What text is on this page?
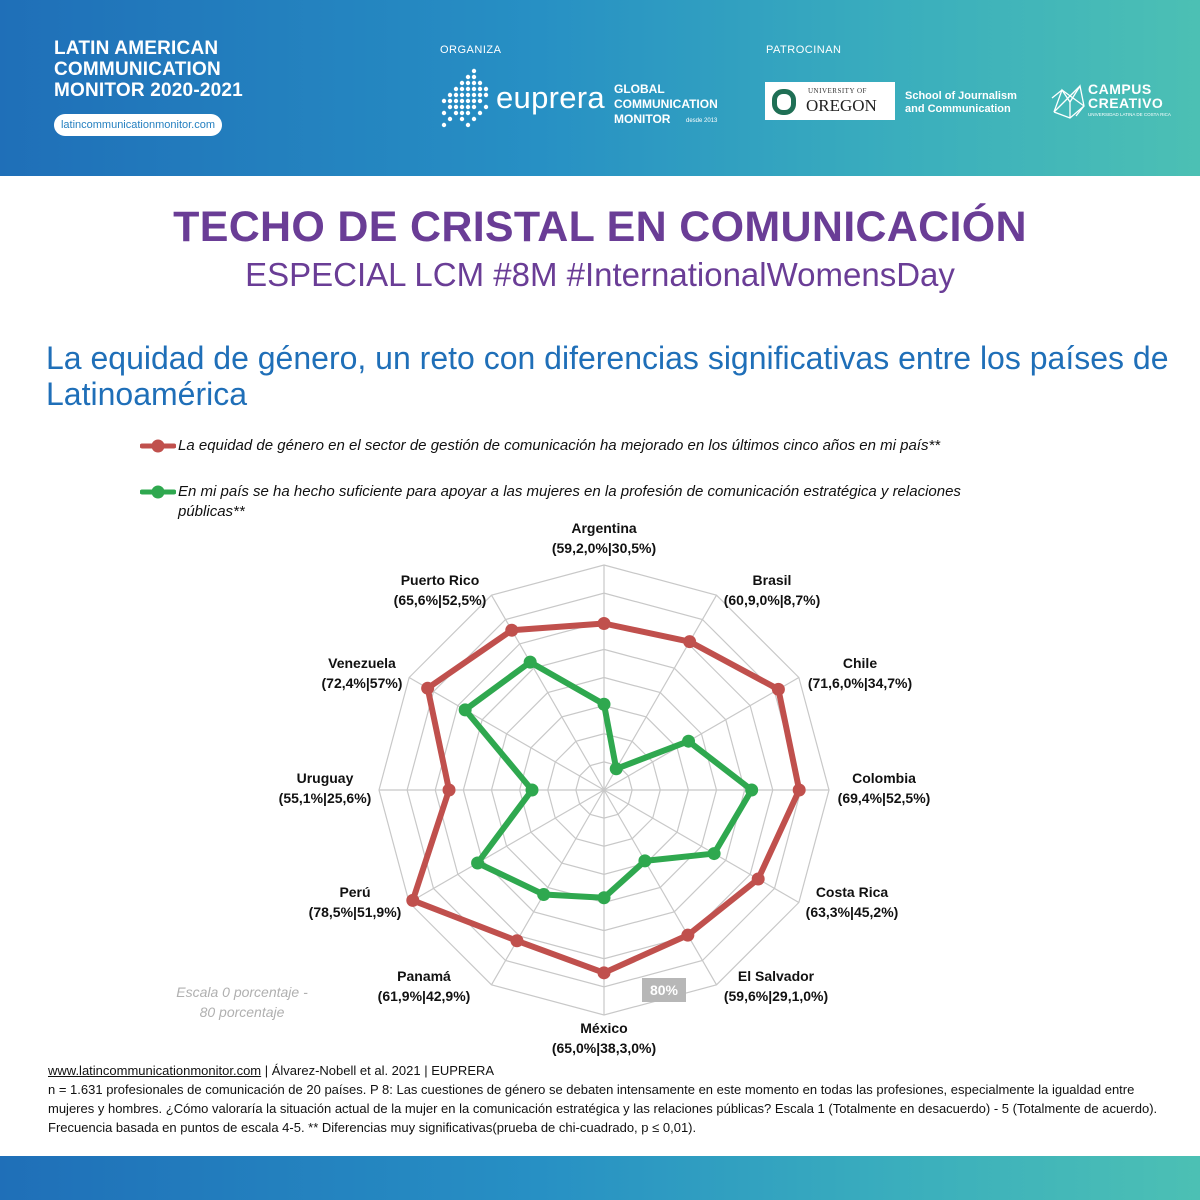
LATIN AMERICAN
COMMUNICATION
MONITOR 2020-2021
latincommunicationmonitor.com
ORGANIZA
euprera GLOBAL
COMMUNICATION
MONITOR	desde 2013
PATROCINAN
UNIVERSITY OF
OREGON	School of Journalism
and Communication
CAMPUS
CREATIVO
UNIVERSIDAD LATINA DE COSTA RICA
TECHO DE CRISTAL EN COMUNICACIÓN
ESPECIAL LCM #8M #InternationalWomensDay
La equidad de género, un reto con diferencias significativas entre los países de Latinoamérica
La equidad de género en el sector de gestión de comunicación ha mejorado en los últimos cinco años en mi país**
En mi país se ha hecho suficiente para apoyar a las mujeres en la profesión de comunicación estratégica y relaciones públicas**
Argentina
(59,2,0%|30,5%)
Brasil
(60,9,0%|8,7%)
Chile
(71,6,0%|34,7%)
Colombia
(69,4%|52,5%)
Costa Rica
(63,3%|45,2%)
El Salvador
(59,6%|29,1,0%)
México
(65,0%|38,3,0%)
Panamá
(61,9%|42,9%)
Perú
(78,5%|51,9%)
Uruguay
(55,1%|25,6%)
Venezuela
(72,4%|57%)
Puerto Rico
(65,6%|52,5%)
Escala 0 porcentaje - 80 porcentaje
80%
www.latincommunicationmonitor.com | Álvarez-Nobell et al. 2021 | EUPRERA
n = 1.631 profesionales de comunicación de 20 países. P 8: Las cuestiones de género se debaten intensamente en este momento en todas las profesiones, especialmente la igualdad entre mujeres y hombres. ¿Cómo valoraría la situación actual de la mujer en la comunicación estratégica y las relaciones públicas? Escala 1 (Totalmente en desacuerdo) - 5 (Totalmente de acuerdo). Frecuencia basada en puntos de escala 4-5. ** Diferencias muy significativas(prueba de chi-cuadrado, p ≤ 0,01).
